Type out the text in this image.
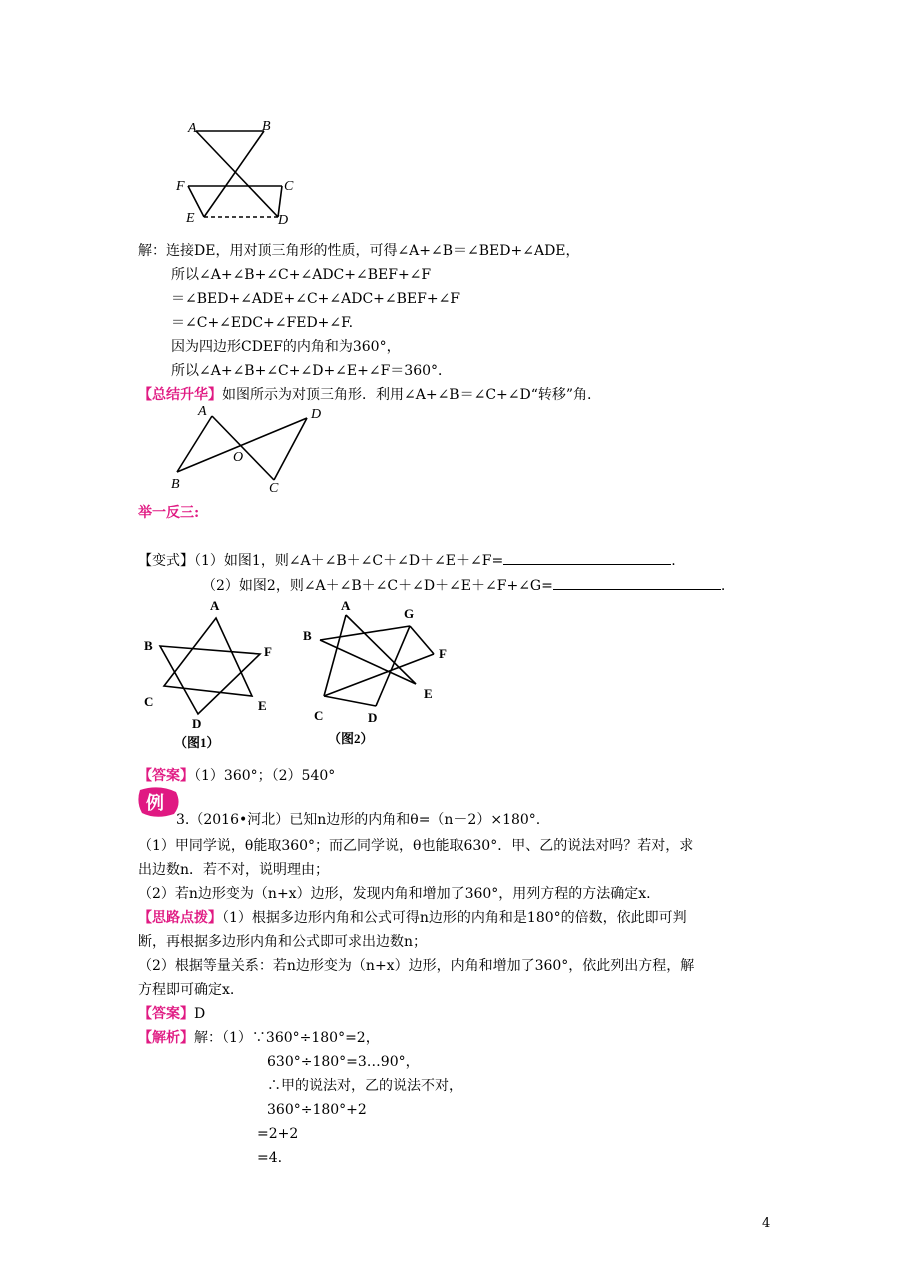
A	B
F	C
E	D
解：连接DE，用对顶三角形的性质，可得∠A+∠B＝∠BED+∠ADE，
所以∠A+∠B+∠C+∠ADC+∠BEF+∠F
＝∠BED+∠ADE+∠C+∠ADC+∠BEF+∠F
＝∠C+∠EDC+∠FED+∠F.
因为四边形CDEF的内角和为360°，
所以∠A+∠B+∠C+∠D+∠E+∠F＝360°．
【总结升华】如图所示为对顶三角形．利用∠A+∠B＝∠C+∠D“转移”角.
A	D
O
B	C
举一反三:
【变式】（1）如图1，则∠A＋∠B＋∠C＋∠D＋∠E＋∠F=	.
（2）如图2，则∠A＋∠B＋∠C＋∠D＋∠E＋∠F+∠G=	.
A
B	F
C	E
D
（图1）
A
G
B
F
E
C	D
（图2）
【答案】（1）360°；（2）540°
例
3.（2016•河北）已知n边形的内角和θ=（n－2）×180°.
（1）甲同学说，θ能取360°；而乙同学说，θ也能取630°．甲、乙的说法对吗？若对，求
出边数n．若不对，说明理由；
（2）若n边形变为（n+x）边形，发现内角和增加了360°，用列方程的方法确定x.
【思路点拨】（1）根据多边形内角和公式可得n边形的内角和是180°的倍数，依此即可判
断，再根据多边形内角和公式即可求出边数n；
（2）根据等量关系：若n边形变为（n+x）边形，内角和增加了360°，依此列出方程，解
方程即可确定x.
【答案】D
【解析】解：（1）∵360°÷180°=2，
630°÷180°=3…90°，
∴甲的说法对，乙的说法不对，
360°÷180°+2
=2+2
=4.
4
